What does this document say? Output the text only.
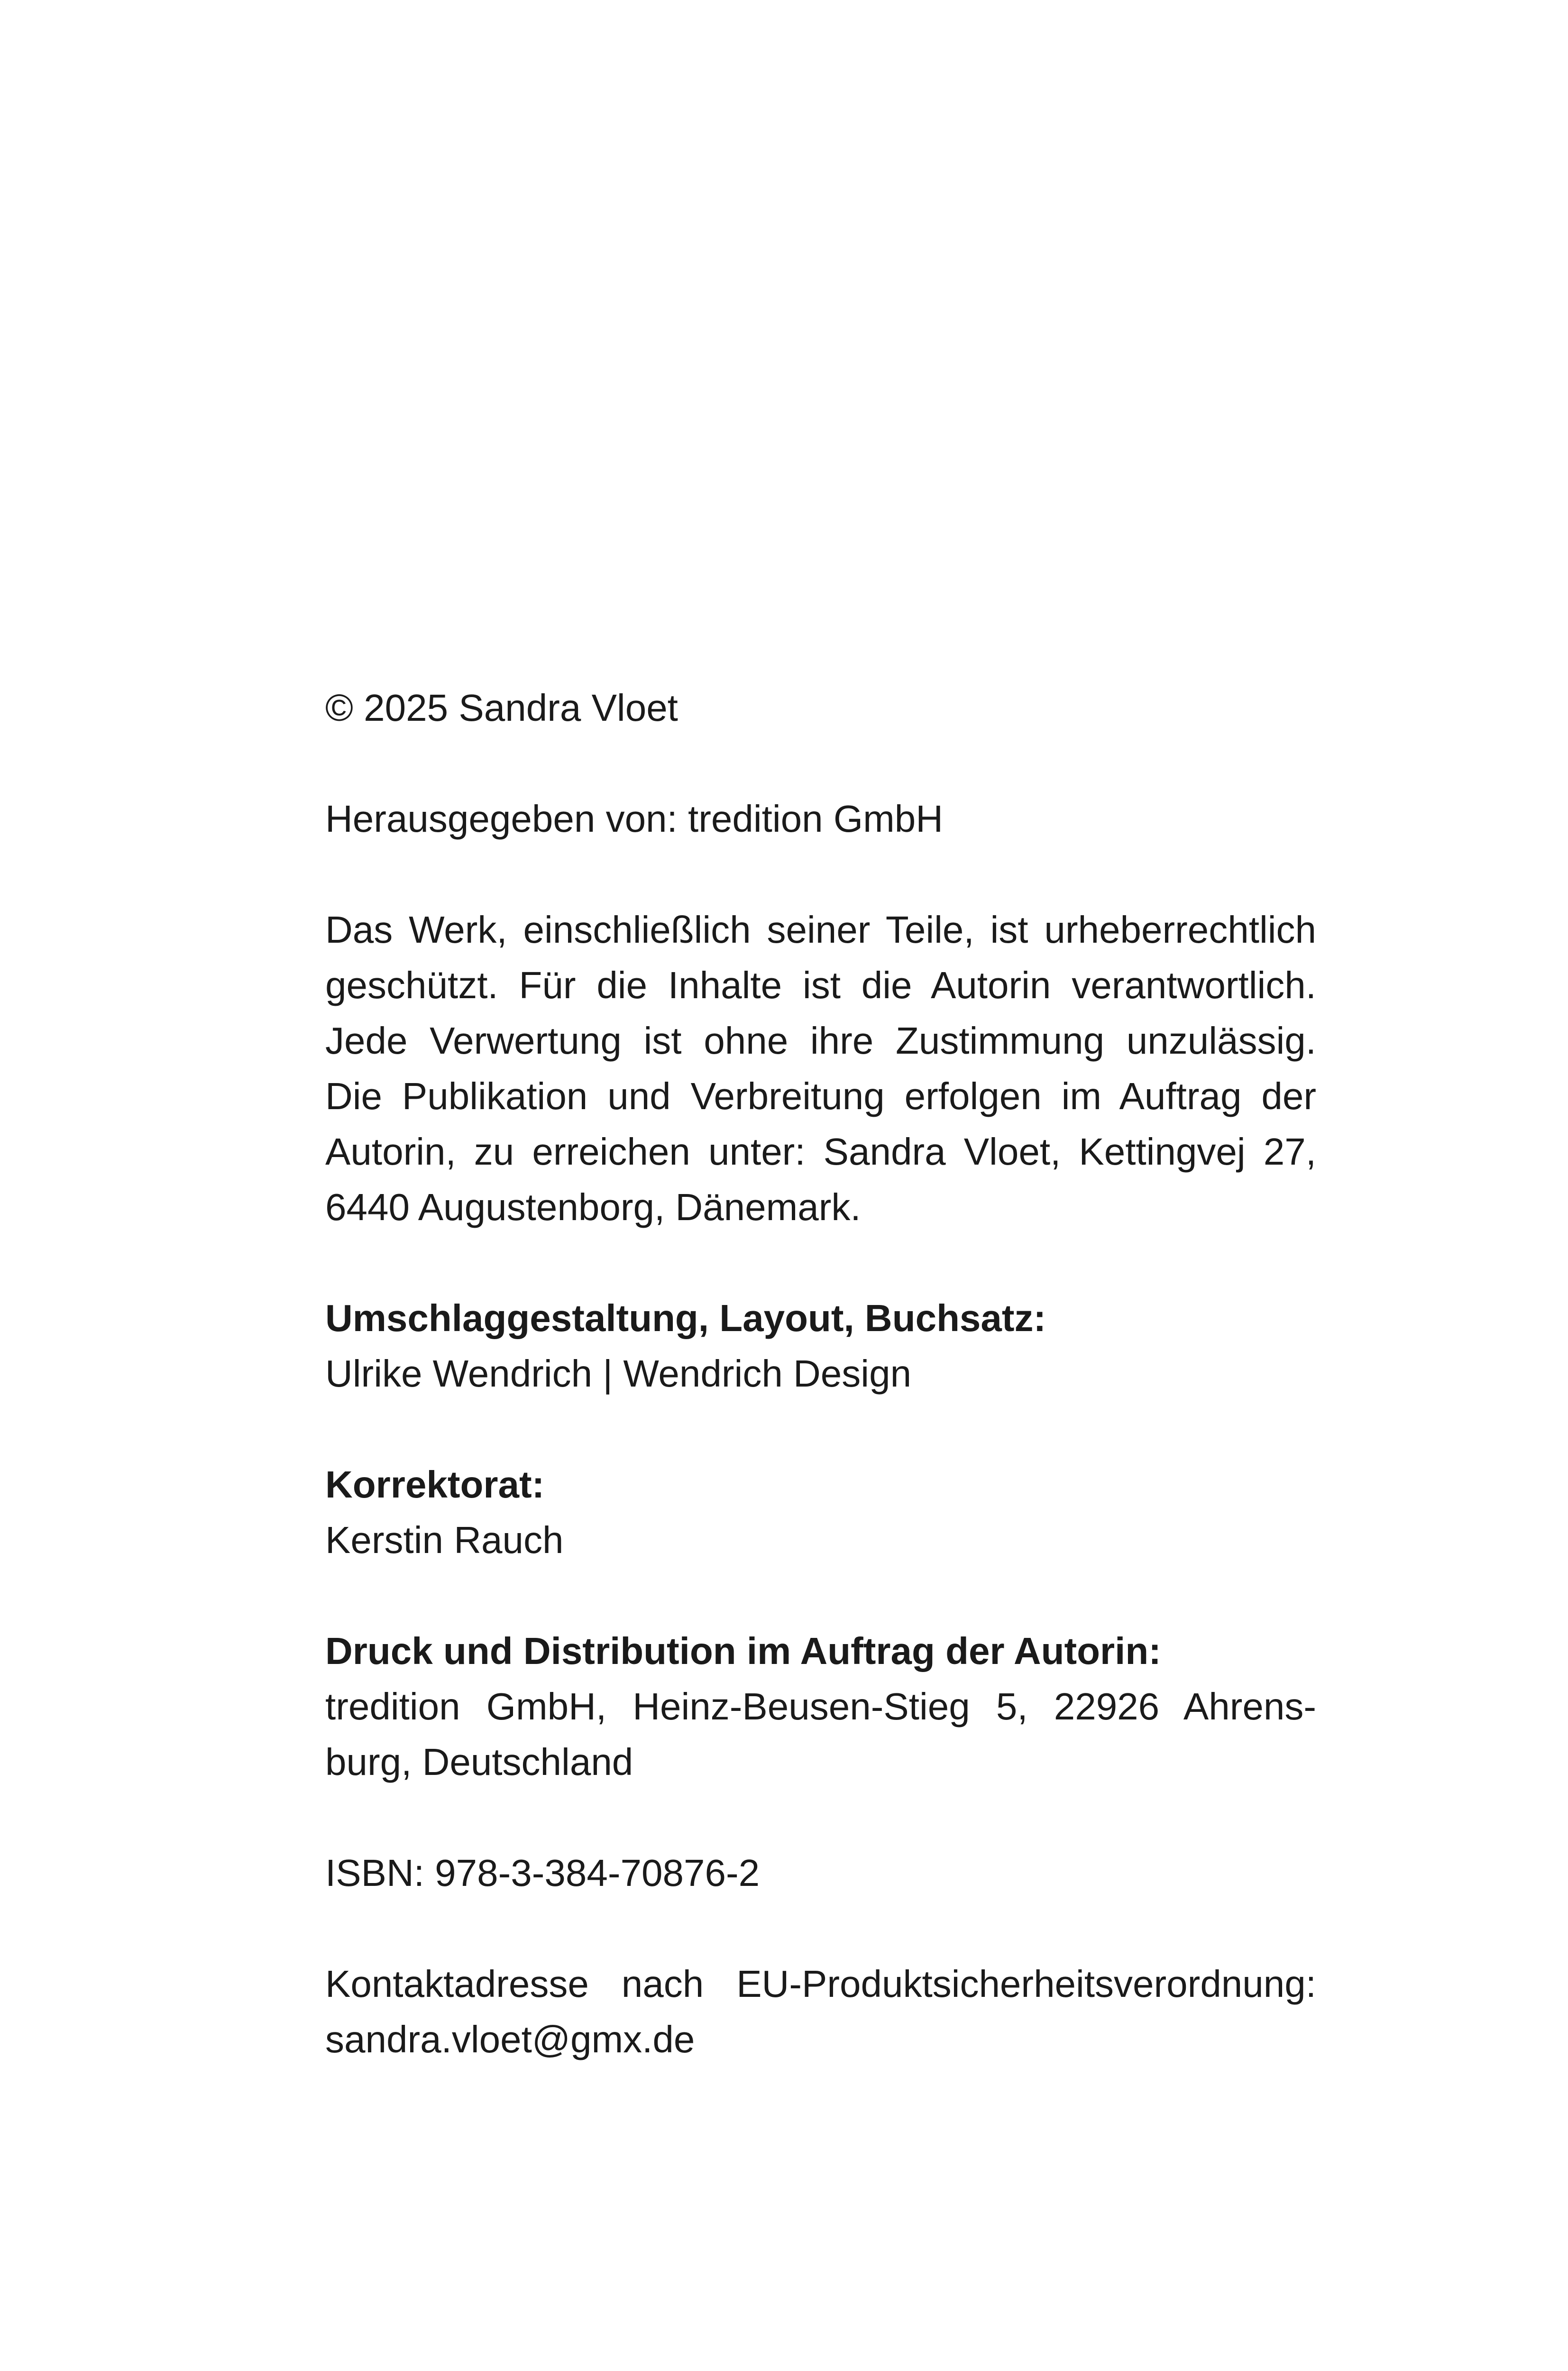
© 2025 Sandra Vloet
Herausgegeben von: tredition GmbH
Das Werk, einschließlich seiner Teile, ist urheberrechtlich
geschützt. Für die Inhalte ist die Autorin verantwortlich.
Jede Verwertung ist ohne ihre Zustimmung unzulässig.
Die Publikation und Verbreitung erfolgen im Auftrag der
Autorin, zu erreichen unter: Sandra Vloet, Kettingvej 27,
6440 Augustenborg, Dänemark.
Umschlaggestaltung, Layout, Buchsatz:
Ulrike Wendrich | Wendrich Design
Korrektorat:
Kerstin Rauch
Druck und Distribution im Auftrag der Autorin:
tredition GmbH, Heinz-Beusen-Stieg 5, 22926 Ahrens-
burg, Deutschland
ISBN: 978-3-384-70876-2
Kontaktadresse nach EU-Produktsicherheitsverordnung:
sandra.vloet@gmx.de
